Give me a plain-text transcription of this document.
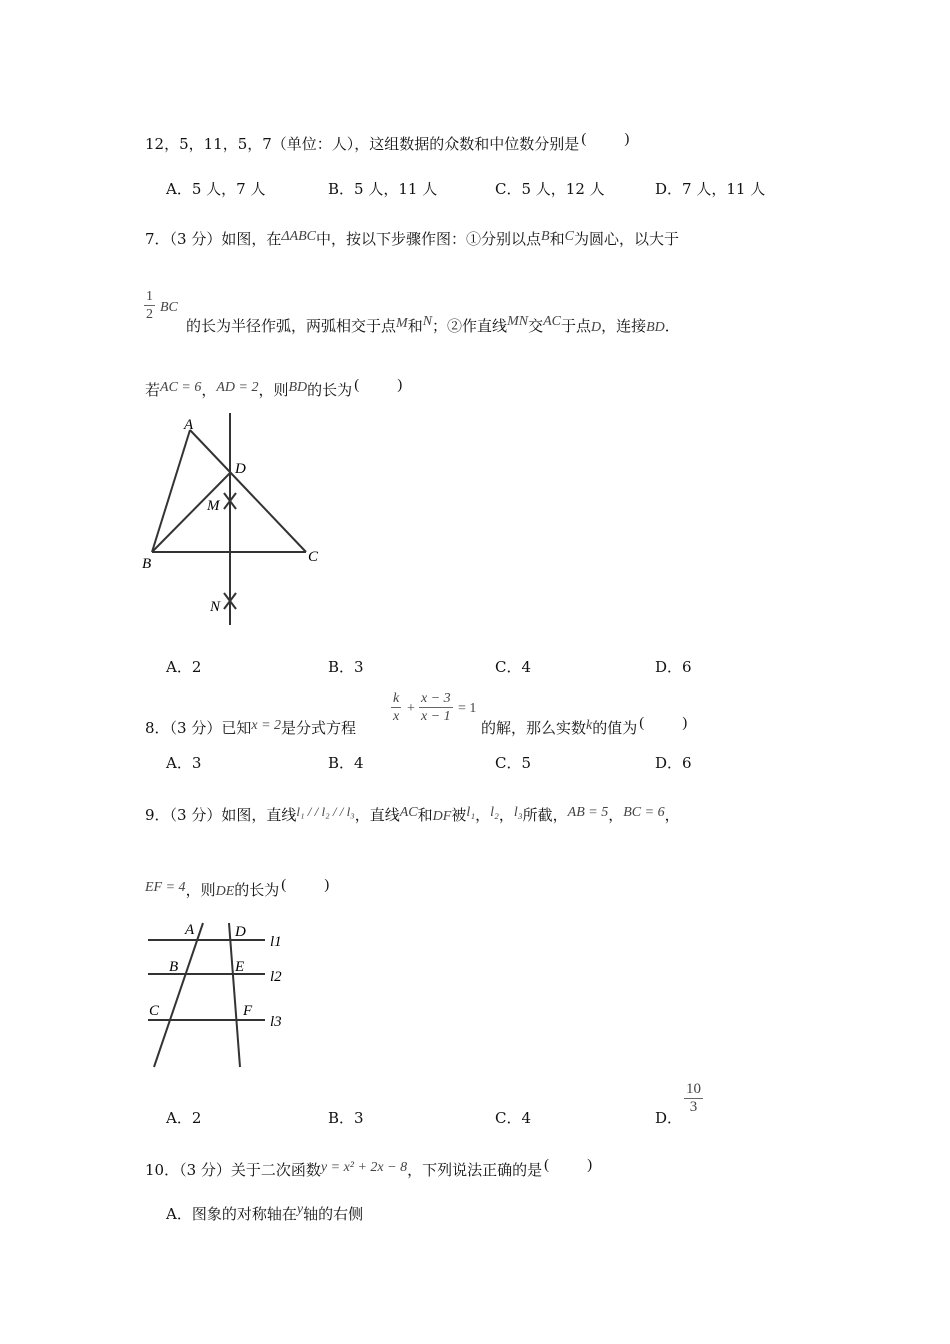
12，5，11，5，7（单位：人），这组数据的众数和中位数分别是 (	)
A．5 人，7 人	B．5 人，11 人	C．5 人，12 人	D．7 人，11 人
7．（3 分）如图，在ΔABC中，按以下步骤作图：①分别以点B和C为圆心，以大于
$\frac{1}{2}$ BC
的长为半径作弧，两弧相交于点M和N；②作直线MN交AC于点D，连接BD．
若AC = 6，AD = 2，则BD的长为 (	)
A
D
M
B	C
N
A．2	B．3	C．4	D．6
8．（3 分）已知x = 2是分式方程
$\frac{k}{x} + \frac{x - 3}{x - 1} = 1$
的解，那么实数k的值为 (	)
A．3	B．4	C．5	D．6
9．（3 分）如图，直线l₁ / / l₂ / / l₃，直线AC和DF被l₁，l₂，l₃所截，AB = 5，BC = 6，
EF = 4，则DE的长为 (	)
A	D
B	E
C	F
l1
l2
l3
A．2	B．3	C．4	D．
$\frac{10}{3}$
10．（3 分）关于二次函数y = x² + 2x − 8，下列说法正确的是 (	)
A．图象的对称轴在y轴的右侧
